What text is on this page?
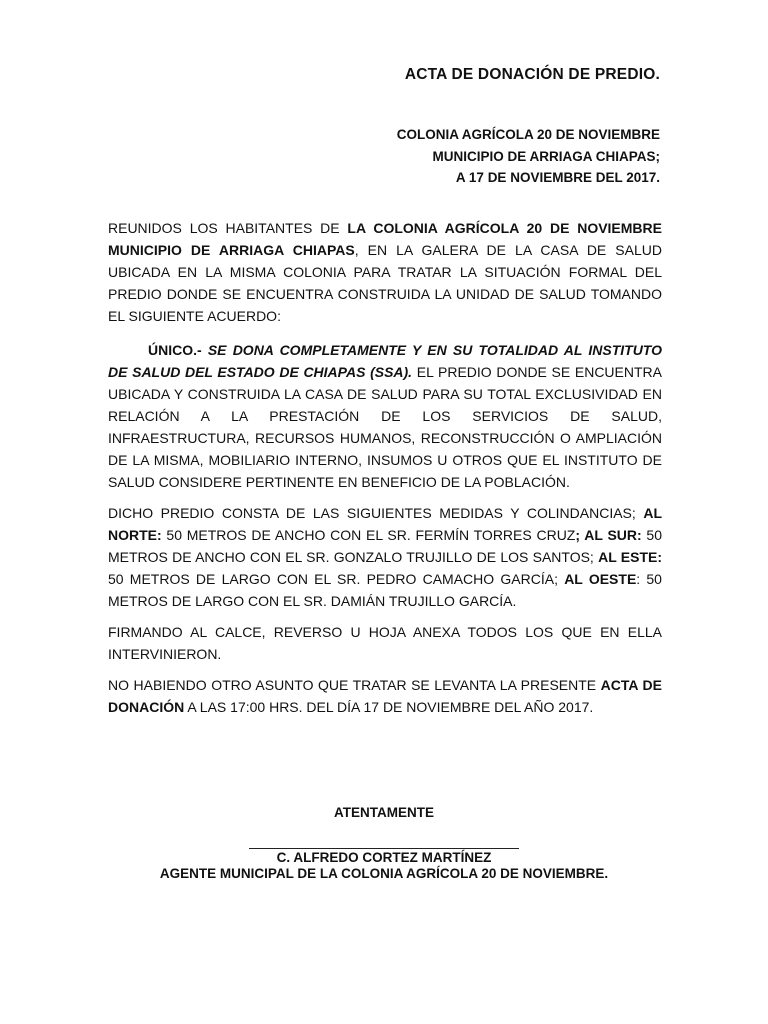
ACTA DE DONACIÓN DE PREDIO.
COLONIA AGRÍCOLA 20 DE NOVIEMBRE
MUNICIPIO DE ARRIAGA CHIAPAS;
A 17 DE NOVIEMBRE DEL 2017.

REUNIDOS LOS HABITANTES DE LA COLONIA AGRÍCOLA 20 DE NOVIEMBRE MUNICIPIO DE ARRIAGA CHIAPAS, EN LA GALERA DE LA CASA DE SALUD UBICADA EN LA MISMA COLONIA PARA TRATAR LA SITUACIÓN FORMAL DEL PREDIO DONDE SE ENCUENTRA CONSTRUIDA LA UNIDAD DE SALUD TOMANDO EL SIGUIENTE ACUERDO:

ÚNICO.- SE DONA COMPLETAMENTE Y EN SU TOTALIDAD AL INSTITUTO DE SALUD DEL ESTADO DE CHIAPAS (SSA). EL PREDIO DONDE SE ENCUENTRA UBICADA Y CONSTRUIDA LA CASA DE SALUD PARA SU TOTAL EXCLUSIVIDAD EN RELACIÓN A LA PRESTACIÓN DE LOS SERVICIOS DE SALUD, INFRAESTRUCTURA, RECURSOS HUMANOS, RECONSTRUCCIÓN O AMPLIACIÓN DE LA MISMA, MOBILIARIO INTERNO, INSUMOS U OTROS QUE EL INSTITUTO DE SALUD CONSIDERE PERTINENTE EN BENEFICIO DE LA POBLACIÓN.

DICHO PREDIO CONSTA DE LAS SIGUIENTES MEDIDAS Y COLINDANCIAS; AL NORTE: 50 METROS DE ANCHO CON EL SR. FERMÍN TORRES CRUZ; AL SUR: 50 METROS DE ANCHO CON EL SR. GONZALO TRUJILLO DE LOS SANTOS; AL ESTE: 50 METROS DE LARGO CON EL SR. PEDRO CAMACHO GARCÍA; AL OESTE: 50 METROS DE LARGO CON EL SR. DAMIÁN TRUJILLO GARCÍA.

FIRMANDO AL CALCE, REVERSO U HOJA ANEXA TODOS LOS QUE EN ELLA INTERVINIERON.

NO HABIENDO OTRO ASUNTO QUE TRATAR SE LEVANTA LA PRESENTE ACTA DE DONACIÓN A LAS 17:00 HRS. DEL DÍA 17 DE NOVIEMBRE DEL AÑO 2017.

ATENTAMENTE
C. ALFREDO CORTEZ MARTÍNEZ
AGENTE MUNICIPAL DE LA COLONIA AGRÍCOLA 20 DE NOVIEMBRE.
